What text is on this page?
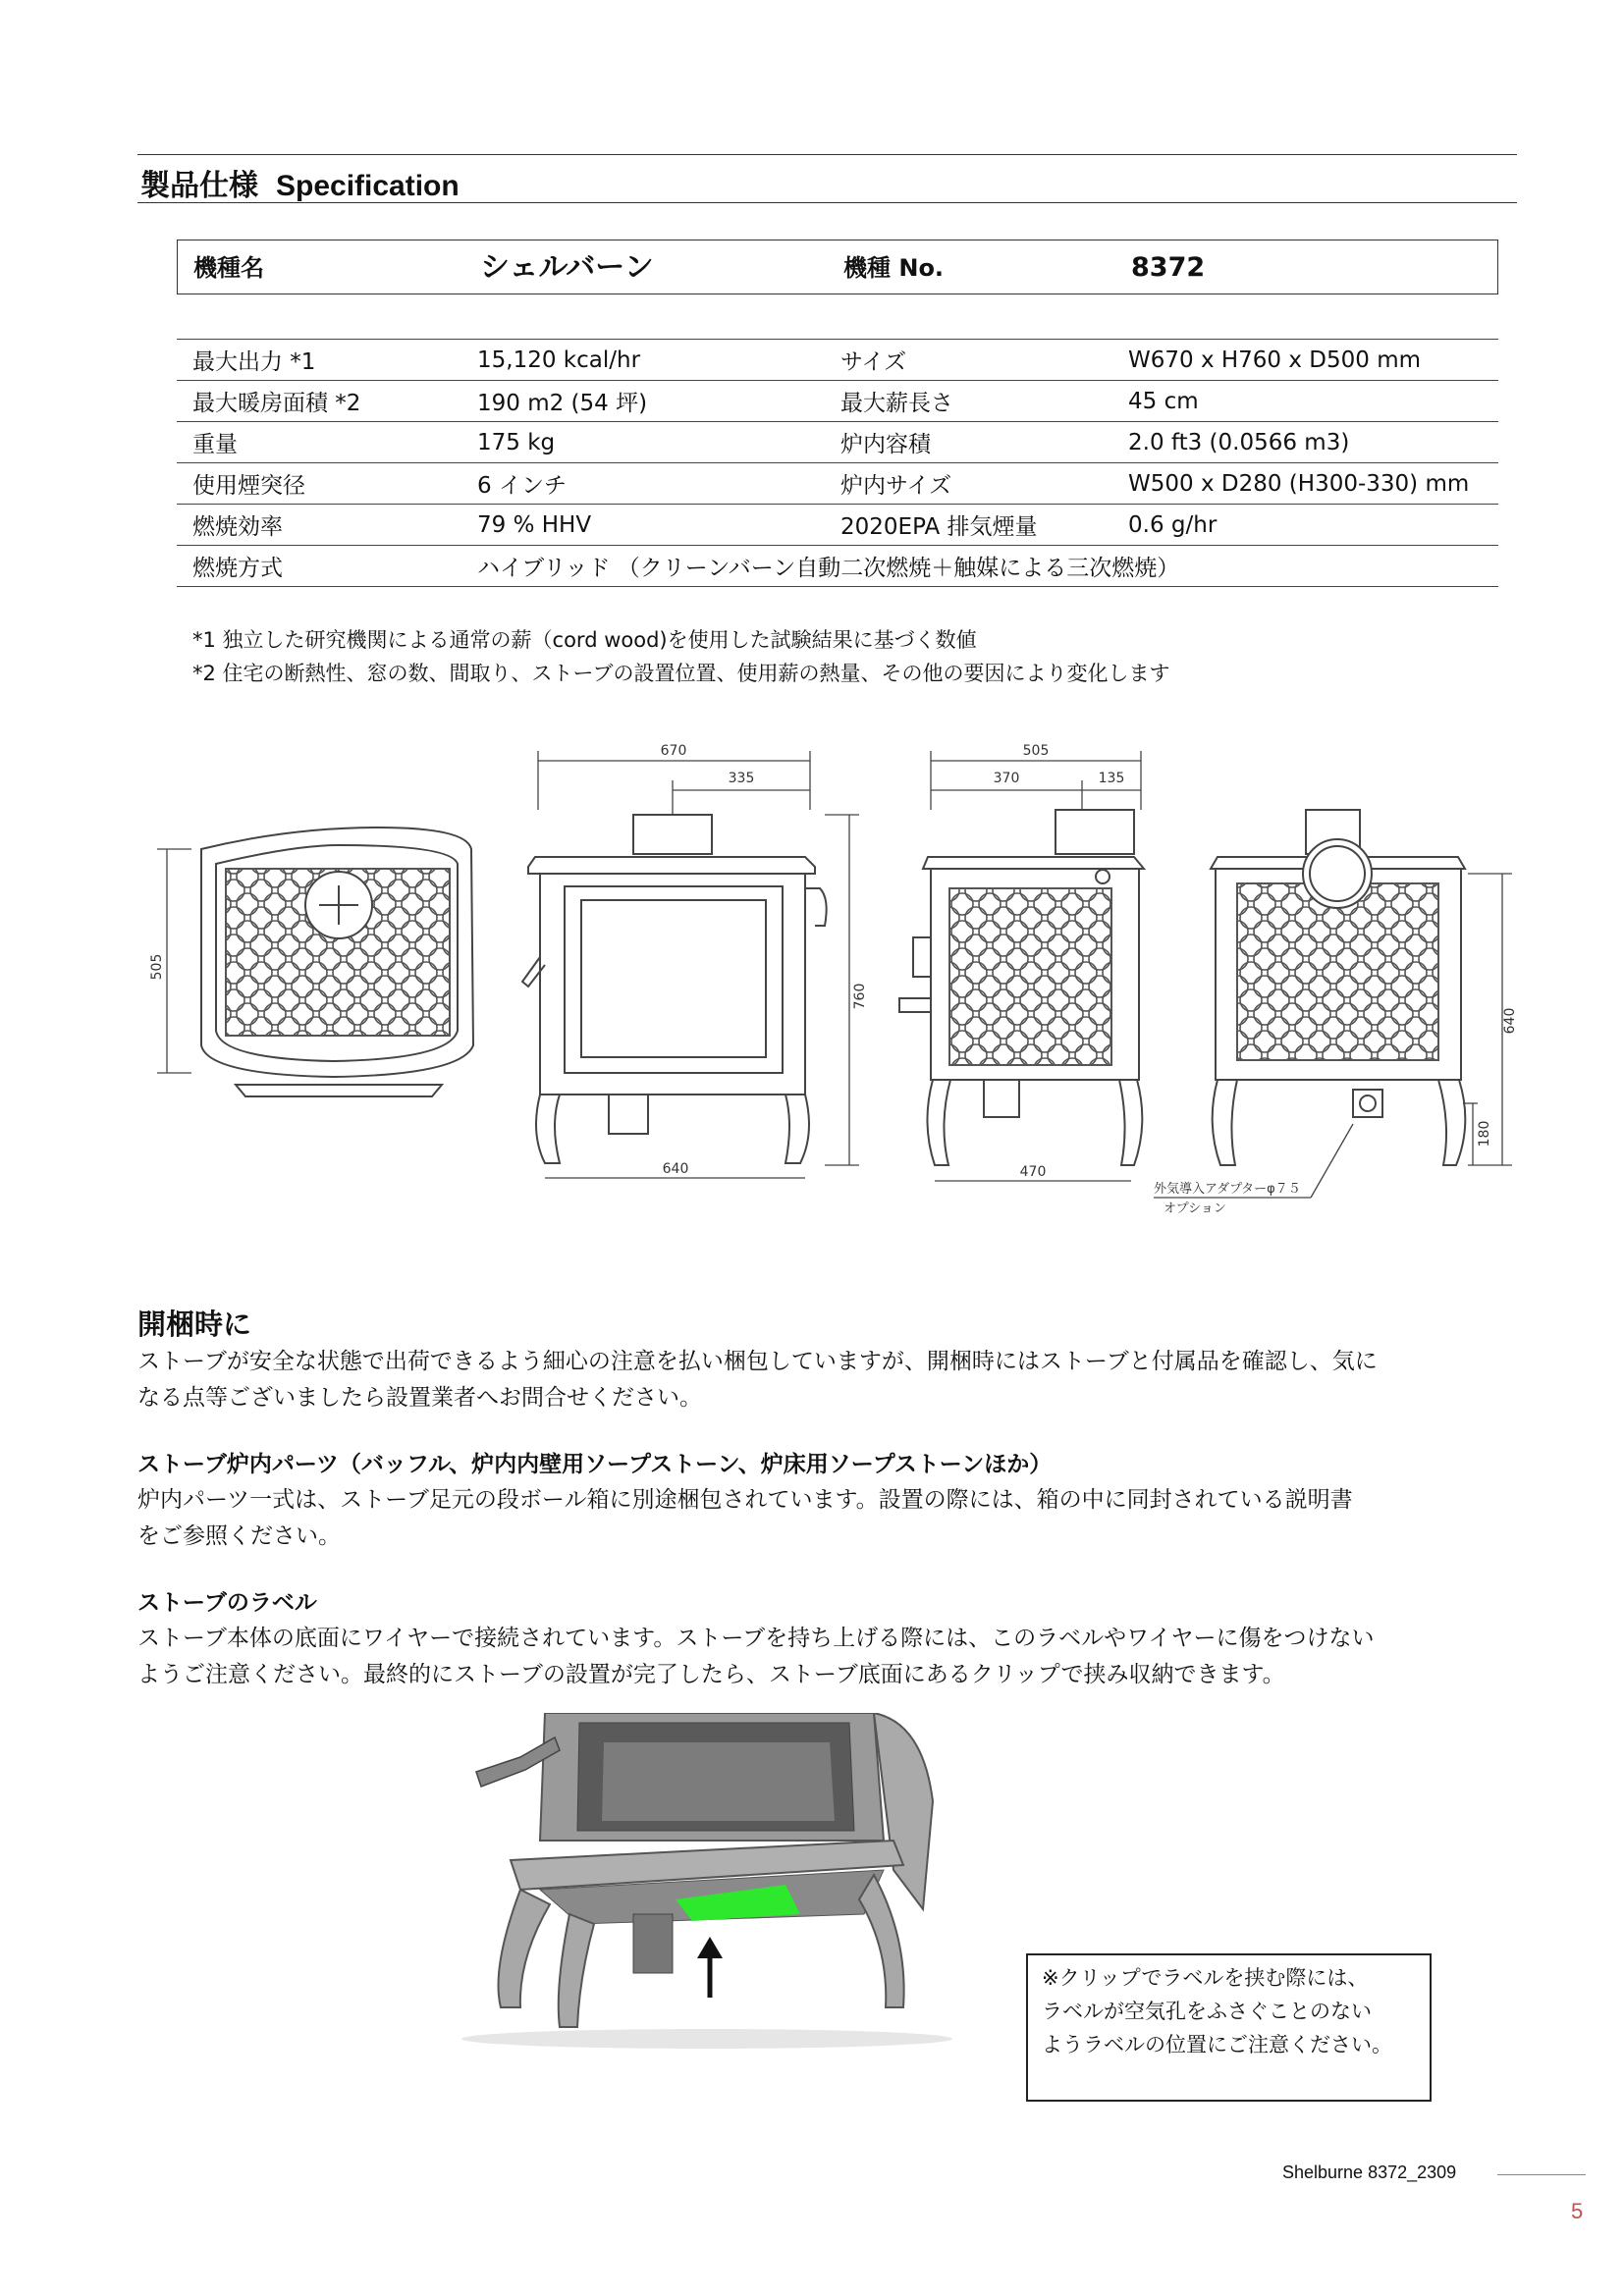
製品仕様 Specification
機種名	シェルバーン	機種 No.	8372
最大出力 *1	15,120 kcal/hr	サイズ	W670 x H760 x D500 mm
最大暖房面積 *2	190 m2 (54 坪)	最大薪長さ	45 cm
重量	175 kg	炉内容積	2.0 ft3 (0.0566 m3)
使用煙突径	6 インチ	炉内サイズ	W500 x D280 (H300-330) mm
燃焼効率	79 % HHV	2020EPA 排気煙量	0.6 g/hr
燃焼方式	ハイブリッド （クリーンバーン自動二次燃焼＋触媒による三次燃焼）		
*1 独立した研究機関による通常の薪（cord wood)を使用した試験結果に基づく数値
*2 住宅の断熱性、窓の数、間取り、ストーブの設置位置、使用薪の熱量、その他の要因により変化します
505
670
335
760
640
505
370	135
470
640
180
外気導入アダプターφ７５
オプション
開梱時に
ストーブが安全な状態で出荷できるよう細心の注意を払い梱包していますが、開梱時にはストーブと付属品を確認し、気に
なる点等ございましたら設置業者へお問合せください。
ストーブ炉内パーツ（バッフル、炉内内壁用ソープストーン、炉床用ソープストーンほか）
炉内パーツ一式は、ストーブ足元の段ボール箱に別途梱包されています。設置の際には、箱の中に同封されている説明書
をご参照ください。
ストーブのラベル
ストーブ本体の底面にワイヤーで接続されています。ストーブを持ち上げる際には、このラベルやワイヤーに傷をつけない
ようご注意ください。最終的にストーブの設置が完了したら、ストーブ底面にあるクリップで挟み収納できます。
※クリップでラベルを挟む際には、
ラベルが空気孔をふさぐことのない
ようラベルの位置にご注意ください。
Shelburne 8372_2309
5
